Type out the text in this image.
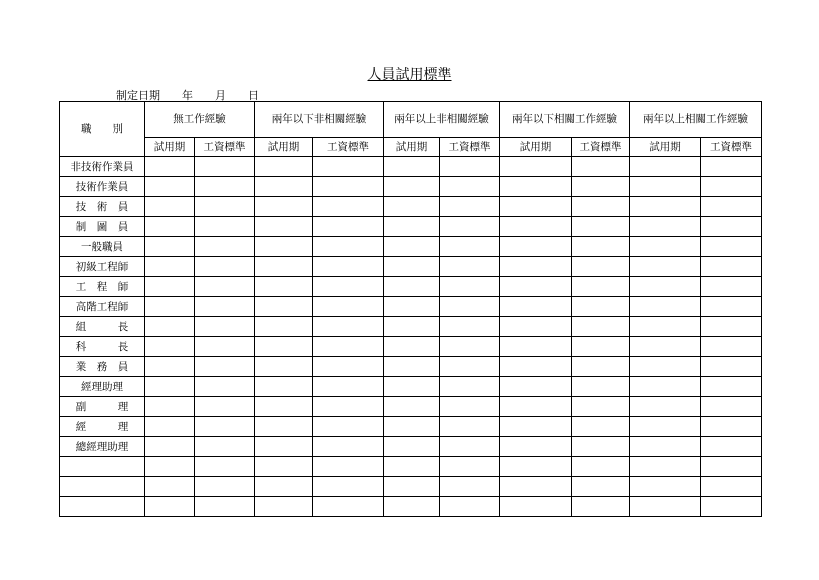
人員試用標準
制定日期　　年　　月　　日
職　　別	無工作經驗		兩年以下非相關經驗		兩年以上非相關經驗		兩年以下相關工作經驗		兩年以上相關工作經驗	
	試用期	工資標準	試用期	工資標準	試用期	工資標準	試用期	工資標準	試用期	工資標準
非技術作業員										
技術作業員										
技　術　員										
制　圖　員										
一般職員										
初級工程師										
工　程　師										
高階工程師										
組　　　長										
科　　　長										
業　務　員										
經理助理										
副　　　理										
經　　　理										
總經理助理										
